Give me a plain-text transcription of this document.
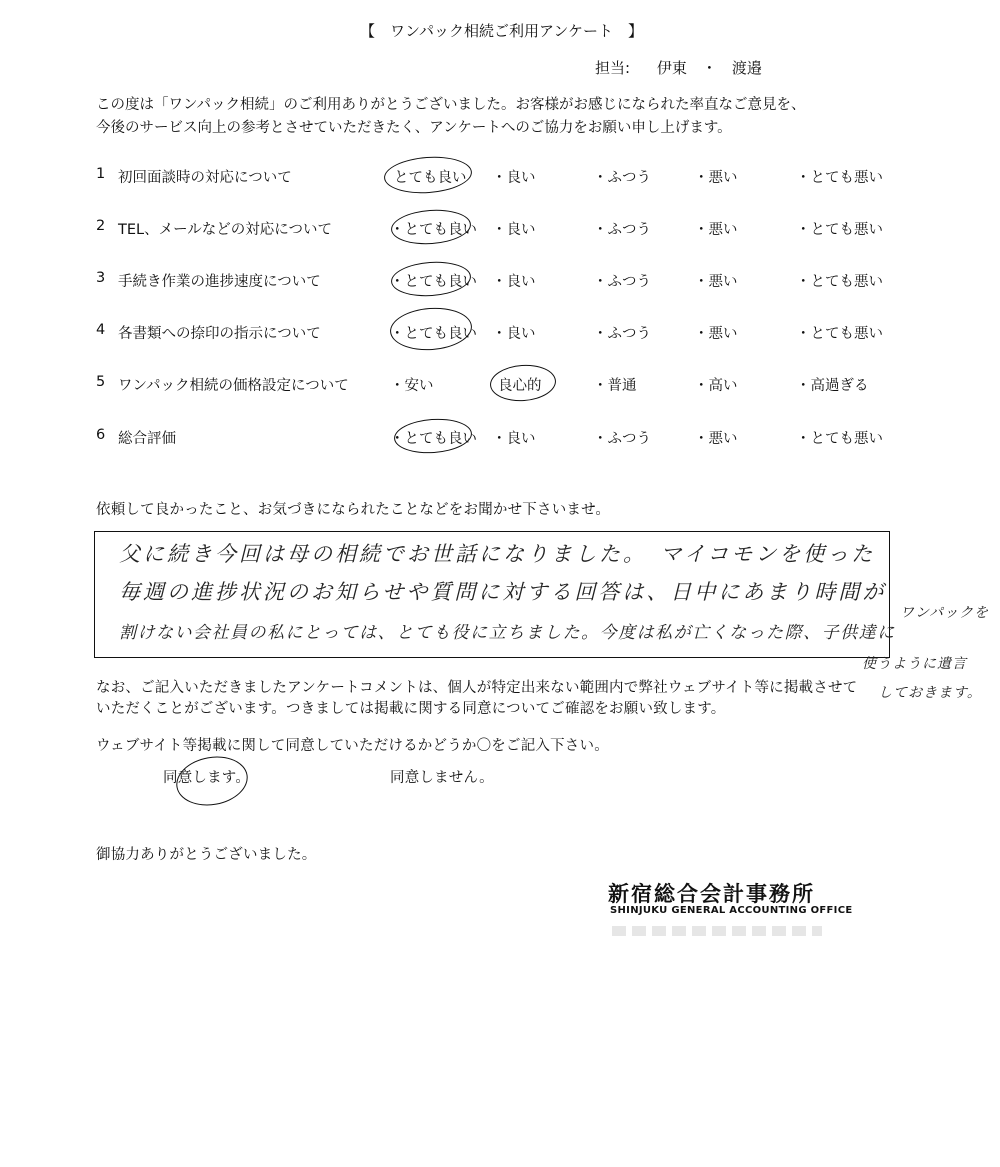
【　ワンパック相続ご利用アンケート　】
担当: 伊東　・　渡邉
この度は「ワンパック相続」のご利用ありがとうございました。お客様がお感じになられた率直なご意見を、
今後のサービス向上の参考とさせていただきたく、アンケートへのご協力をお願い申し上げます。
1 初回面談時の対応について	とても良い ・良い	・ふつう	・悪い	・とても悪い
2 TEL、メールなどの対応について	・とても良い ・良い	・ふつう	・悪い	・とても悪い
3 手続き作業の進捗速度について	・とても良い ・良い	・ふつう	・悪い	・とても悪い
4 各書類への捺印の指示について	・とても良い ・良い	・ふつう	・悪い	・とても悪い
5 ワンパック相続の価格設定について	・安い	良心的	・普通	・高い	・高過ぎる
6 総合評価	・とても良い ・良い	・ふつう	・悪い	・とても悪い
依頼して良かったこと、お気づきになられたことなどをお聞かせ下さいませ。
父に続き今回は母の相続でお世話になりました。　マイコモンを使った
毎週の進捗状況のお知らせや質問に対する回答は、日中にあまり時間が
割けない会社員の私にとっては、とても役に立ちました。今度は私が亡くなった際、子供達に
ワンパックを
使うように遺言
しておきます。
なお、ご記入いただきましたアンケートコメントは、個人が特定出来ない範囲内で弊社ウェブサイト等に掲載させて
いただくことがございます。つきましては掲載に関する同意についてご確認をお願い致します。
ウェブサイト等掲載に関して同意していただけるかどうか〇をご記入下さい。
同意します。	同意しません。
御協力ありがとうございました。
新宿総合会計事務所
SHINJUKU GENERAL ACCOUNTING OFFICE
